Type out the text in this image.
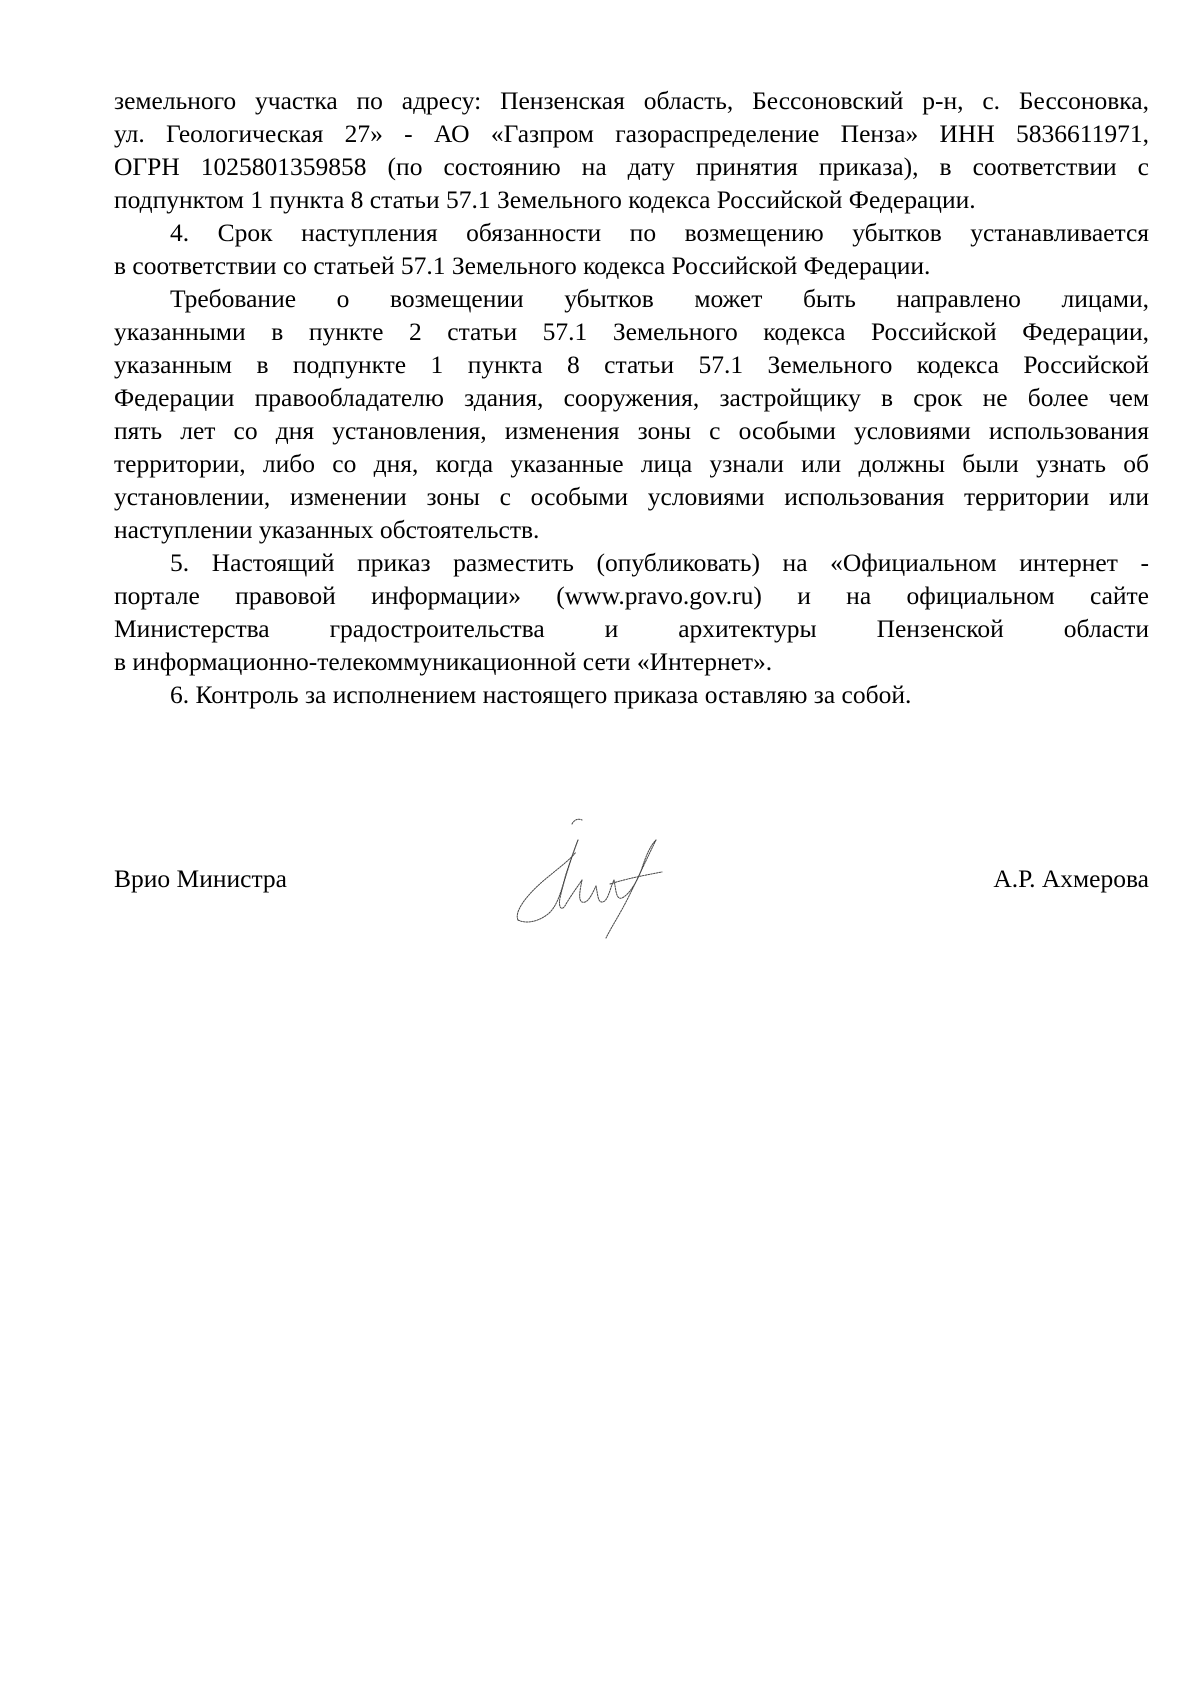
земельного участка по адресу: Пензенская область, Бессоновский р-н, с. Бессоновка,
ул. Геологическая 27» - АО «Газпром газораспределение Пенза» ИНН 5836611971,
ОГРН 1025801359858 (по состоянию на дату принятия приказа), в соответствии с
подпунктом 1 пункта 8 статьи 57.1 Земельного кодекса Российской Федерации.

4. Срок наступления обязанности по возмещению убытков устанавливается
в соответствии со статьей 57.1 Земельного кодекса Российской Федерации.

Требование о возмещении убытков может быть направлено лицами,
указанными в пункте 2 статьи 57.1 Земельного кодекса Российской Федерации,
указанным в подпункте 1 пункта 8 статьи 57.1 Земельного кодекса Российской
Федерации правообладателю здания, сооружения, застройщику в срок не более чем
пять лет со дня установления, изменения зоны с особыми условиями использования
территории, либо со дня, когда указанные лица узнали или должны были узнать об
установлении, изменении зоны с особыми условиями использования территории или
наступлении указанных обстоятельств.

5. Настоящий приказ разместить (опубликовать) на «Официальном интернет -
портале правовой информации» (www.pravo.gov.ru) и на официальном сайте
Министерства градостроительства и архитектуры Пензенской области
в информационно-телекоммуникационной сети «Интернет».

6. Контроль за исполнением настоящего приказа оставляю за собой.

Врио Министра	А.Р. Ахмерова
